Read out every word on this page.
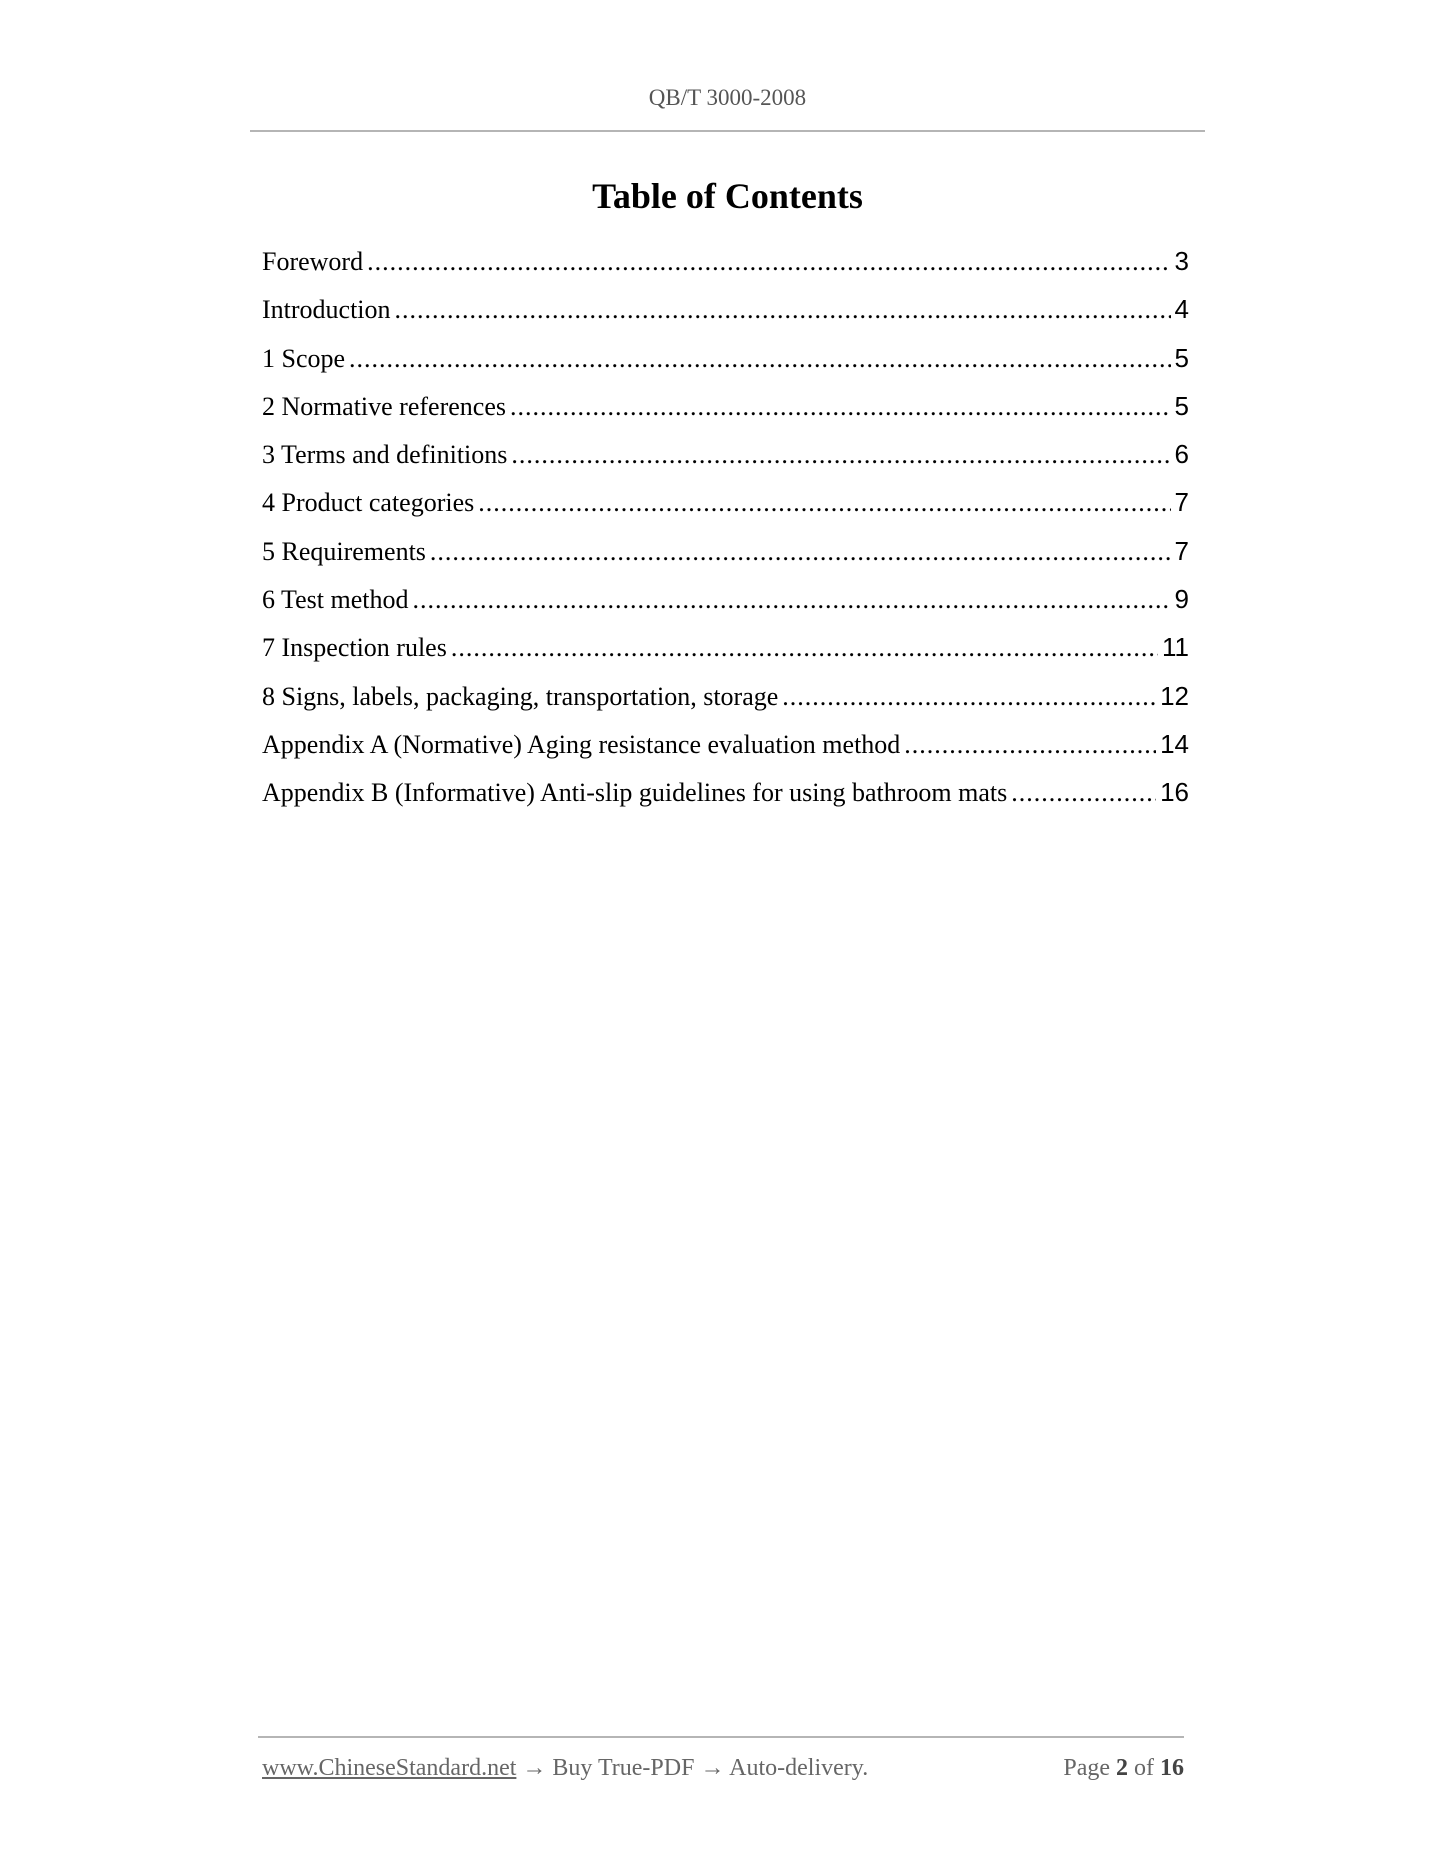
QB/T 3000-2008
Table of Contents
Foreword .....	3
Introduction .....	4
1 Scope .....	5
2 Normative references .....	5
3 Terms and definitions .....	6
4 Product categories .....	7
5 Requirements .....	7
6 Test method .....	9
7 Inspection rules .....	11
8 Signs, labels, packaging, transportation, storage .....	12
Appendix A (Normative) Aging resistance evaluation method .....	14
Appendix B (Informative) Anti-slip guidelines for using bathroom mats .....	16
www.ChineseStandard.net → Buy True-PDF → Auto-delivery.	Page 2 of 16
